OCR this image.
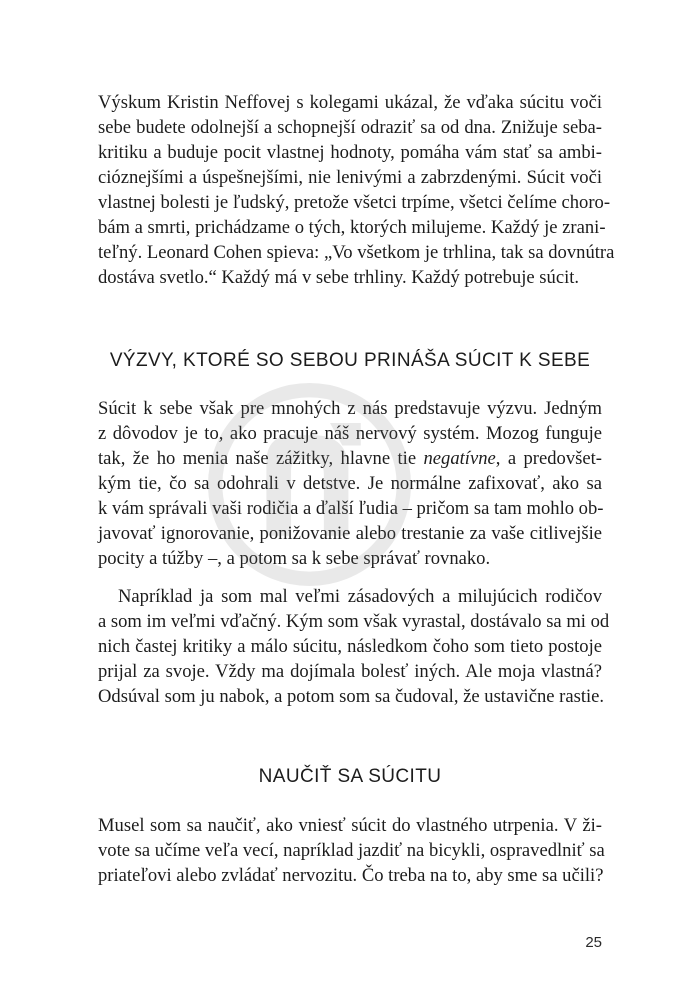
Výskum Kristin Neffovej s kolegami ukázal, že vďaka súcitu voči
sebe budete odolnejší a schopnejší odraziť sa od dna. Znižuje seba-
kritiku a buduje pocit vlastnej hodnoty, pomáha vám stať sa ambi-
cióznejšími a úspešnejšími, nie lenivými a zabrzdenými. Súcit voči
vlastnej bolesti je ľudský, pretože všetci trpíme, všetci čelíme choro-
bám a smrti, prichádzame o tých, ktorých milujeme. Každý je zrani-
teľný. Leonard Cohen spieva: „Vo všetkom je trhlina, tak sa dovnútra
dostáva svetlo.“ Každý má v sebe trhliny. Každý potrebuje súcit.
VÝZVY, KTORÉ SO SEBOU PRINÁŠA SÚCIT K SEBE
Súcit k sebe však pre mnohých z nás predstavuje výzvu. Jedným
z dôvodov je to, ako pracuje náš nervový systém. Mozog funguje
tak, že ho menia naše zážitky, hlavne tie negatívne, a predovšet-
kým tie, čo sa odohrali v detstve. Je normálne zafixovať, ako sa
k vám správali vaši rodičia a ďalší ľudia – pričom sa tam mohlo ob-
javovať ignorovanie, ponižovanie alebo trestanie za vaše citlivejšie
pocity a túžby –, a potom sa k sebe správať rovnako.
Napríklad ja som mal veľmi zásadových a milujúcich rodičov
a som im veľmi vďačný. Kým som však vyrastal, dostávalo sa mi od
nich častej kritiky a málo súcitu, následkom čoho som tieto postoje
prijal za svoje. Vždy ma dojímala bolesť iných. Ale moja vlastná?
Odsúval som ju nabok, a potom som sa čudoval, že ustavične rastie.
NAUČIŤ SA SÚCITU
Musel som sa naučiť, ako vniesť súcit do vlastného utrpenia. V ži-
vote sa učíme veľa vecí, napríklad jazdiť na bicykli, ospravedlniť sa
priateľovi alebo zvládať nervozitu. Čo treba na to, aby sme sa učili?
25
